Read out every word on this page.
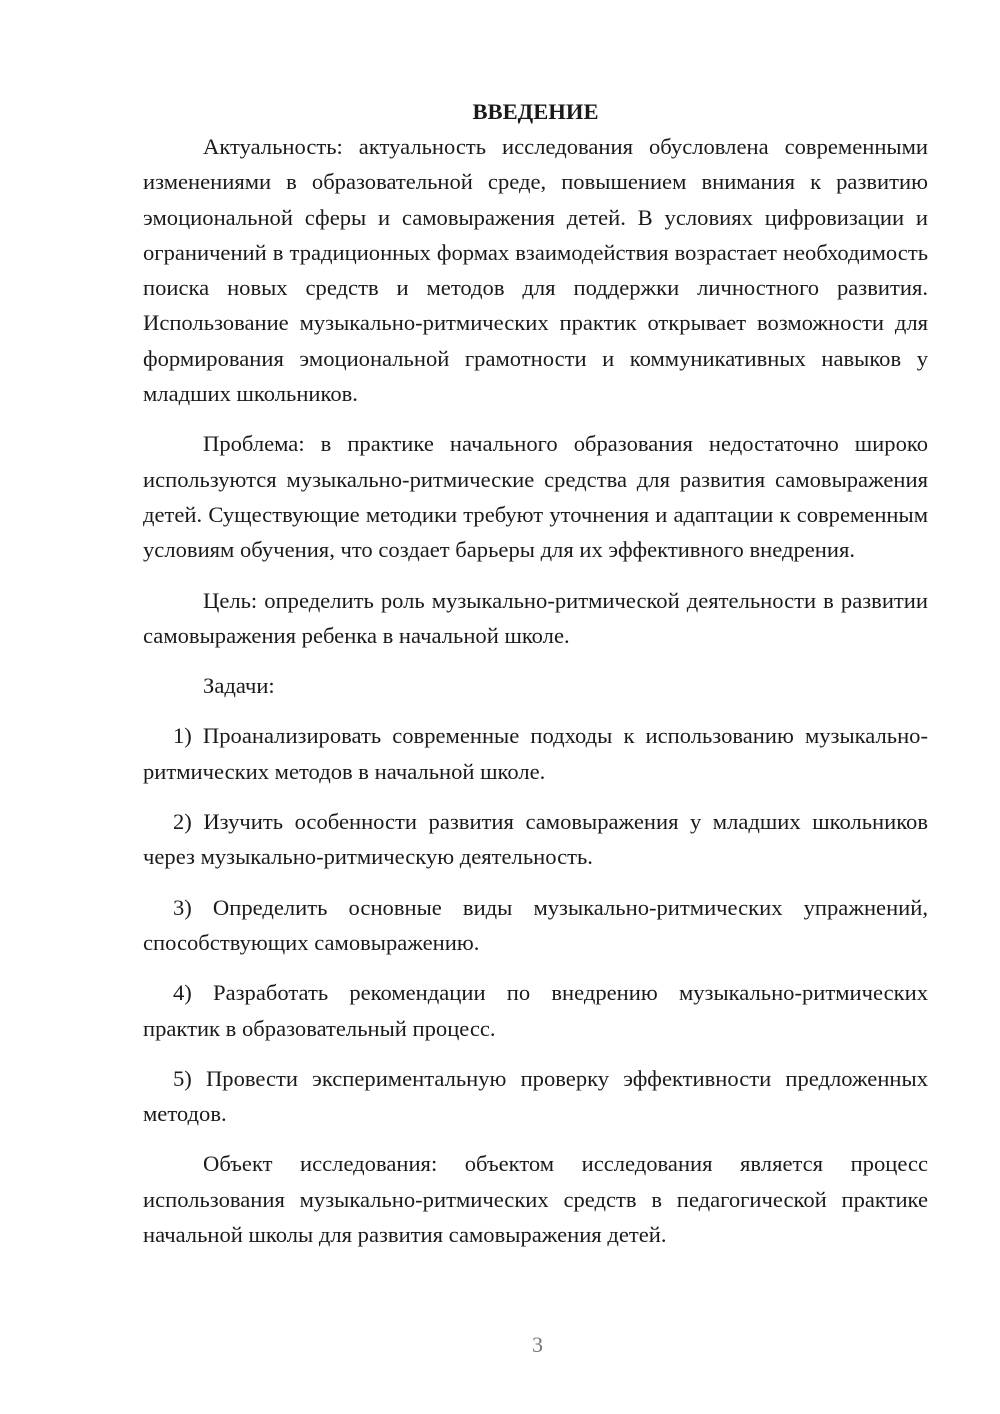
ВВЕДЕНИЕ

Актуальность: актуальность исследования обусловлена современными изменениями в образовательной среде, повышением внимания к развитию эмоциональной сферы и самовыражения детей. В условиях цифровизации и ограничений в традиционных формах взаимодействия возрастает необходимость поиска новых средств и методов для поддержки личностного развития. Использование музыкально-ритмических практик открывает возможности для формирования эмоциональной грамотности и коммуникативных навыков у младших школьников.

Проблема: в практике начального образования недостаточно широко используются музыкально-ритмические средства для развития самовыражения детей. Существующие методики требуют уточнения и адаптации к современным условиям обучения, что создает барьеры для их эффективного внедрения.

Цель: определить роль музыкально-ритмической деятельности в развитии самовыражения ребенка в начальной школе.

Задачи:

1) Проанализировать современные подходы к использованию музыкально-ритмических методов в начальной школе.

2) Изучить особенности развития самовыражения у младших школьников через музыкально-ритмическую деятельность.

3) Определить основные виды музыкально-ритмических упражнений, способствующих самовыражению.

4) Разработать рекомендации по внедрению музыкально-ритмических практик в образовательный процесс.

5) Провести экспериментальную проверку эффективности предложенных методов.

Объект исследования: объектом исследования является процесс использования музыкально-ритмических средств в педагогической практике начальной школы для развития самовыражения детей.

3
